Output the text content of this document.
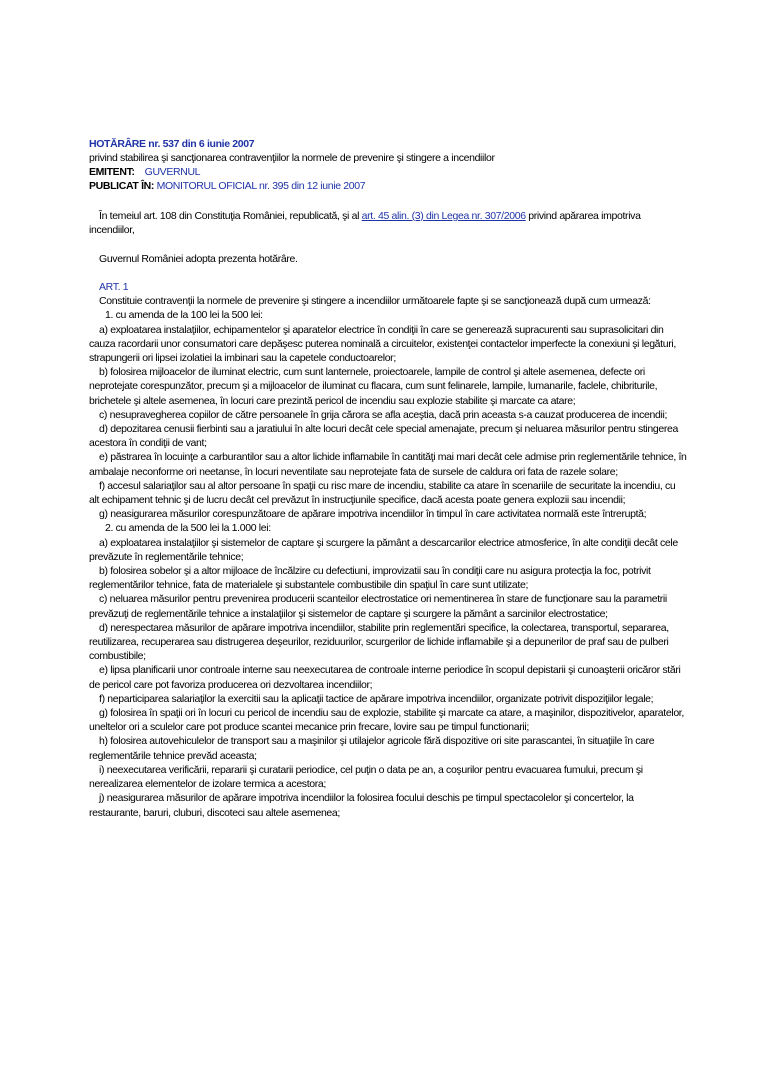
HOTĂRÂRE nr. 537 din 6 iunie 2007
privind stabilirea şi sancţionarea contravenţiilor la normele de prevenire şi stingere a incendiilor
EMITENT: GUVERNUL
PUBLICAT ÎN: MONITORUL OFICIAL nr. 395 din 12 iunie 2007
În temeiul art. 108 din Constituţia României, republicată, şi al art. 45 alin. (3) din Legea nr. 307/2006 privind apărarea impotriva incendiilor,
Guvernul României adopta prezenta hotărâre.
ART. 1
Constituie contravenţii la normele de prevenire şi stingere a incendiilor următoarele fapte şi se sancţionează după cum urmează:
1. cu amenda de la 100 lei la 500 lei:
a) exploatarea instalaţiilor, echipamentelor şi aparatelor electrice în condiţii în care se generează supracurenti sau suprasolicitari din cauza racordarii unor consumatori care depăşesc puterea nominală a circuitelor, existenţei contactelor imperfecte la conexiuni şi legături, strapungerii ori lipsei izolatiei la imbinari sau la capetele conductoarelor;
b) folosirea mijloacelor de iluminat electric, cum sunt lanternele, proiectoarele, lampile de control şi altele asemenea, defecte ori neprotejate corespunzător, precum şi a mijloacelor de iluminat cu flacara, cum sunt felinarele, lampile, lumanarile, faclele, chibriturile, brichetele şi altele asemenea, în locuri care prezintă pericol de incendiu sau explozie stabilite şi marcate ca atare;
c) nesupravegherea copiilor de către persoanele în grija cărora se afla aceştia, dacă prin aceasta s-a cauzat producerea de incendii;
d) depozitarea cenusii fierbinti sau a jaratiului în alte locuri decât cele special amenajate, precum şi neluarea măsurilor pentru stingerea acestora în condiţii de vant;
e) păstrarea în locuinţe a carburantilor sau a altor lichide inflamabile în cantităţi mai mari decât cele admise prin reglementările tehnice, în ambalaje neconforme ori neetanse, în locuri neventilate sau neprotejate fata de sursele de caldura ori fata de razele solare;
f) accesul salariaţilor sau al altor persoane în spaţii cu risc mare de incendiu, stabilite ca atare în scenariile de securitate la incendiu, cu alt echipament tehnic şi de lucru decât cel prevăzut în instrucţiunile specifice, dacă acesta poate genera explozii sau incendii;
g) neasigurarea măsurilor corespunzătoare de apărare impotriva incendiilor în timpul în care activitatea normală este întreruptă;
2. cu amenda de la 500 lei la 1.000 lei:
a) exploatarea instalaţiilor şi sistemelor de captare şi scurgere la pământ a descarcarilor electrice atmosferice, în alte condiţii decât cele prevăzute în reglementările tehnice;
b) folosirea sobelor şi a altor mijloace de încălzire cu defectiuni, improvizatii sau în condiţii care nu asigura protecţia la foc, potrivit reglementărilor tehnice, fata de materialele şi substantele combustibile din spaţiul în care sunt utilizate;
c) neluarea măsurilor pentru prevenirea producerii scanteilor electrostatice ori nementinerea în stare de funcţionare sau la parametrii prevăzuţi de reglementările tehnice a instalaţiilor şi sistemelor de captare şi scurgere la pământ a sarcinilor electrostatice;
d) nerespectarea măsurilor de apărare impotriva incendiilor, stabilite prin reglementări specifice, la colectarea, transportul, separarea, reutilizarea, recuperarea sau distrugerea deşeurilor, reziduurilor, scurgerilor de lichide inflamabile şi a depunerilor de praf sau de pulberi combustibile;
e) lipsa planificarii unor controale interne sau neexecutarea de controale interne periodice în scopul depistarii şi cunoaşterii oricăror stări de pericol care pot favoriza producerea ori dezvoltarea incendiilor;
f) neparticiparea salariaţilor la exercitii sau la aplicaţii tactice de apărare impotriva incendiilor, organizate potrivit dispoziţiilor legale;
g) folosirea în spaţii ori în locuri cu pericol de incendiu sau de explozie, stabilite şi marcate ca atare, a maşinilor, dispozitivelor, aparatelor, uneltelor ori a sculelor care pot produce scantei mecanice prin frecare, lovire sau pe timpul functionarii;
h) folosirea autovehiculelor de transport sau a maşinilor şi utilajelor agricole fără dispozitive ori site parascantei, în situaţiile în care reglementările tehnice prevăd aceasta;
i) neexecutarea verificării, repararii şi curatarii periodice, cel puţin o data pe an, a coşurilor pentru evacuarea fumului, precum şi nerealizarea elementelor de izolare termica a acestora;
j) neasigurarea măsurilor de apărare impotriva incendiilor la folosirea focului deschis pe timpul spectacolelor şi concertelor, la restaurante, baruri, cluburi, discoteci sau altele asemenea;
